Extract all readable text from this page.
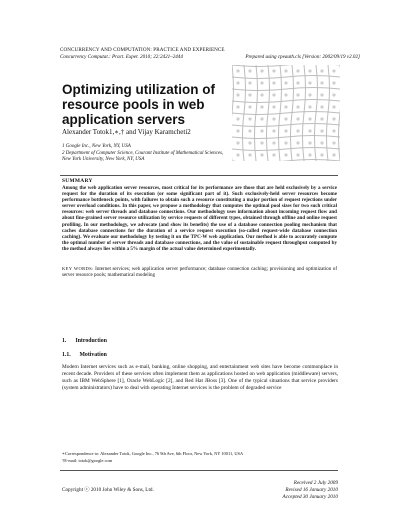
CONCURRENCY AND COMPUTATION: PRACTICE AND EXPERIENCE
Concurrency Computat.: Pract. Exper. 2010; 22:2421–2444	Prepared using cpeauth.cls [Version: 2002/09/19 v2.02]
Optimizing utilization of resource pools in web application servers
Alexander Totok1,∗,† and Vijay Karamcheti2
1 Google Inc., New York, NY, USA
2 Department of Computer Science, Courant Institute of Mathematical Sciences,
New York University, New York, NY, USA
SUMMARY
Among the web application server resources, most critical for its performance are those that are held exclusively by a service request for the duration of its execution (or some significant part of it). Such exclusively-held server resources become performance bottleneck points, with failures to obtain such a resource constituting a major portion of request rejections under server overload conditions. In this paper, we propose a methodology that computes the optimal pool sizes for two such critical resources: web server threads and database connections. Our methodology uses information about incoming request flow and about fine-grained server resource utilization by service requests of different types, obtained through offline and online request profiling. In our methodology, we advocate (and show its benefits) the use of a database connection pooling mechanism that caches database connections for the duration of a service request execution (so-called request-wide database connection caching). We evaluate our methodology by testing it on the TPC-W web application. Our method is able to accurately compute the optimal number of server threads and database connections, and the value of sustainable request throughput computed by the method always lies within a 5% margin of the actual value determined experimentally.
KEY WORDS: Internet services; web application server performance; database connection caching; provisioning and optimization of server resource pools; mathematical modeling
1. Introduction
1.1. Motivation
Modern Internet services such as e-mail, banking, online shopping, and entertainment web sites have become commonplace in recent decade. Providers of these services often implement them as applications hosted on web application (middleware) servers, such as IBM WebSphere [1], Oracle WebLogic [2], and Red Hat JBoss [3]. One of the typical situations that service providers (system administrators) have to deal with operating Internet services is the problem of degraded service
∗Correspondence to: Alexander Totok, Google Inc., 76 9th Ave, 6th Floor, New York, NY 10011, USA
†E-mail: totok@google.com
Copyright ⓒ 2010 John Wiley & Sons, Ltd.
Received 2 July 2009
Revised 16 January 2010
Accepted 30 January 2010
